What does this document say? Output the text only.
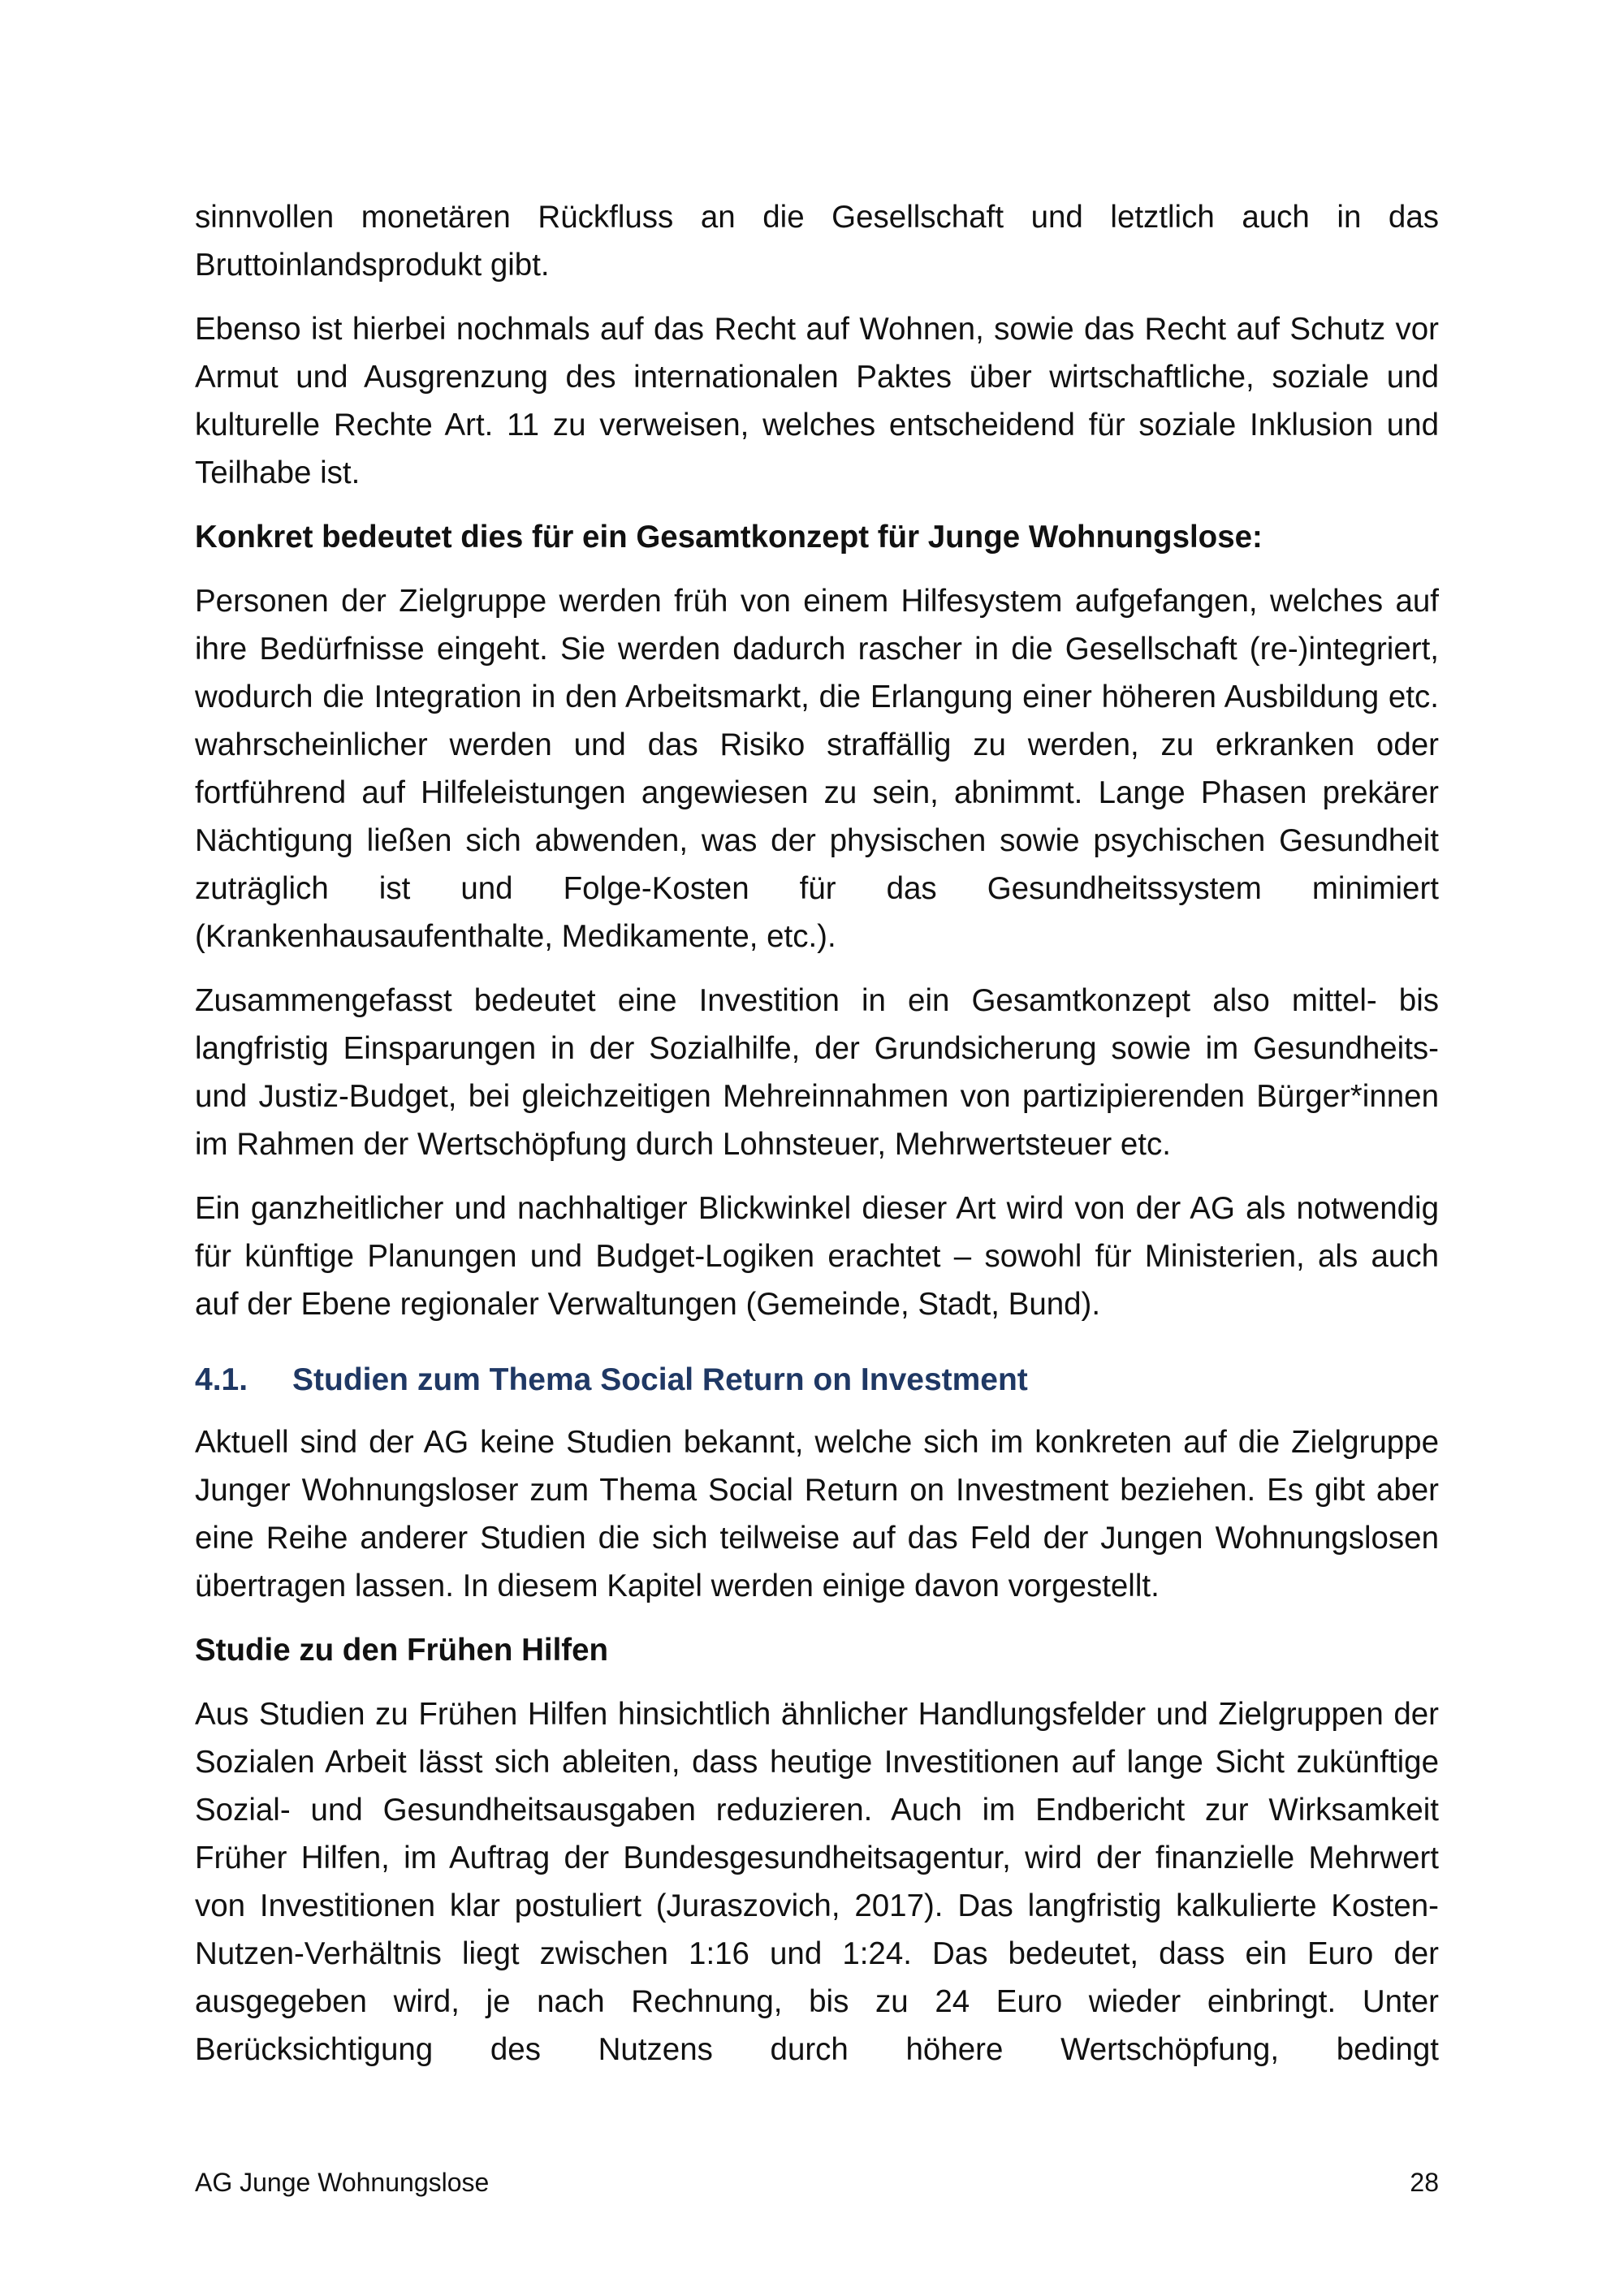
sinnvollen monetären Rückfluss an die Gesellschaft und letztlich auch in das Bruttoinlandsprodukt gibt.

Ebenso ist hierbei nochmals auf das Recht auf Wohnen, sowie das Recht auf Schutz vor Armut und Ausgrenzung des internationalen Paktes über wirtschaftliche, soziale und kulturelle Rechte Art. 11 zu verweisen, welches entscheidend für soziale Inklusion und Teilhabe ist.

Konkret bedeutet dies für ein Gesamtkonzept für Junge Wohnungslose:

Personen der Zielgruppe werden früh von einem Hilfesystem aufgefangen, welches auf ihre Bedürfnisse eingeht. Sie werden dadurch rascher in die Gesellschaft (re-)integriert, wodurch die Integration in den Arbeitsmarkt, die Erlangung einer höheren Ausbildung etc. wahrscheinlicher werden und das Risiko straffällig zu werden, zu erkranken oder fortführend auf Hilfeleistungen angewiesen zu sein, abnimmt. Lange Phasen prekärer Nächtigung ließen sich abwenden, was der physischen sowie psychischen Gesundheit zuträglich ist und Folge-Kosten für das Gesundheitssystem minimiert (Krankenhausaufenthalte, Medikamente, etc.).

Zusammengefasst bedeutet eine Investition in ein Gesamtkonzept also mittel- bis langfristig Einsparungen in der Sozialhilfe, der Grundsicherung sowie im Gesundheits- und Justiz-Budget, bei gleichzeitigen Mehreinnahmen von partizipierenden Bürger*innen im Rahmen der Wertschöpfung durch Lohnsteuer, Mehrwertsteuer etc.

Ein ganzheitlicher und nachhaltiger Blickwinkel dieser Art wird von der AG als notwendig für künftige Planungen und Budget-Logiken erachtet – sowohl für Ministerien, als auch auf der Ebene regionaler Verwaltungen (Gemeinde, Stadt, Bund).

4.1.	Studien zum Thema Social Return on Investment

Aktuell sind der AG keine Studien bekannt, welche sich im konkreten auf die Zielgruppe Junger Wohnungsloser zum Thema Social Return on Investment beziehen. Es gibt aber eine Reihe anderer Studien die sich teilweise auf das Feld der Jungen Wohnungslosen übertragen lassen. In diesem Kapitel werden einige davon vorgestellt.

Studie zu den Frühen Hilfen

Aus Studien zu Frühen Hilfen hinsichtlich ähnlicher Handlungsfelder und Zielgruppen der Sozialen Arbeit lässt sich ableiten, dass heutige Investitionen auf lange Sicht zukünftige Sozial- und Gesundheitsausgaben reduzieren. Auch im Endbericht zur Wirksamkeit Früher Hilfen, im Auftrag der Bundesgesundheitsagentur, wird der finanzielle Mehrwert von Investitionen klar postuliert (Juraszovich, 2017). Das langfristig kalkulierte Kosten-Nutzen-Verhältnis liegt zwischen 1:16 und 1:24. Das bedeutet, dass ein Euro der ausgegeben wird, je nach Rechnung, bis zu 24 Euro wieder einbringt. Unter Berücksichtigung des Nutzens durch höhere Wertschöpfung, bedingt

AG Junge Wohnungslose	28
